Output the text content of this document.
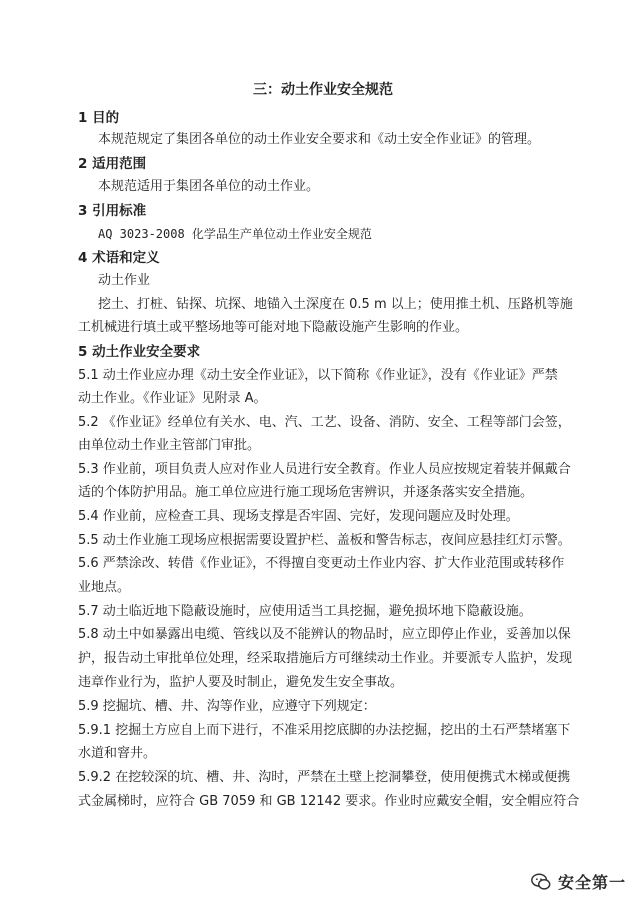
三：动土作业安全规范
1 目的
本规范规定了集团各单位的动土作业安全要求和《动土安全作业证》的管理。
2 适用范围
本规范适用于集团各单位的动土作业。
3 引用标准
AQ 3023-2008 化学品生产单位动土作业安全规范
4 术语和定义
动土作业
挖土、打桩、钻探、坑探、地锚入土深度在 0.5 m 以上；使用推土机、压路机等施
工机械进行填土或平整场地等可能对地下隐蔽设施产生影响的作业。
5 动土作业安全要求
5.1 动土作业应办理《动土安全作业证》，以下简称《作业证》，没有《作业证》严禁
动土作业。《作业证》见附录 A。
5.2 《作业证》经单位有关水、电、汽、工艺、设备、消防、安全、工程等部门会签，
由单位动土作业主管部门审批。
5.3 作业前，项目负责人应对作业人员进行安全教育。作业人员应按规定着装并佩戴合
适的个体防护用品。施工单位应进行施工现场危害辨识，并逐条落实安全措施。
5.4 作业前，应检查工具、现场支撑是否牢固、完好，发现问题应及时处理。
5.5 动土作业施工现场应根据需要设置护栏、盖板和警告标志，夜间应悬挂红灯示警。
5.6 严禁涂改、转借《作业证》，不得擅自变更动土作业内容、扩大作业范围或转移作
业地点。
5.7 动土临近地下隐蔽设施时，应使用适当工具挖掘，避免损坏地下隐蔽设施。
5.8 动土中如暴露出电缆、管线以及不能辨认的物品时，应立即停止作业，妥善加以保
护，报告动土审批单位处理，经采取措施后方可继续动土作业。并要派专人监护，发现
违章作业行为，监护人要及时制止，避免发生安全事故。
5.9 挖掘坑、槽、井、沟等作业，应遵守下列规定：
5.9.1 挖掘土方应自上而下进行，不准采用挖底脚的办法挖掘，挖出的土石严禁堵塞下
水道和窨井。
5.9.2 在挖较深的坑、槽、井、沟时，严禁在土壁上挖洞攀登，使用便携式木梯或便携
式金属梯时，应符合 GB 7059 和 GB 12142 要求。作业时应戴安全帽，安全帽应符合
安全第一
